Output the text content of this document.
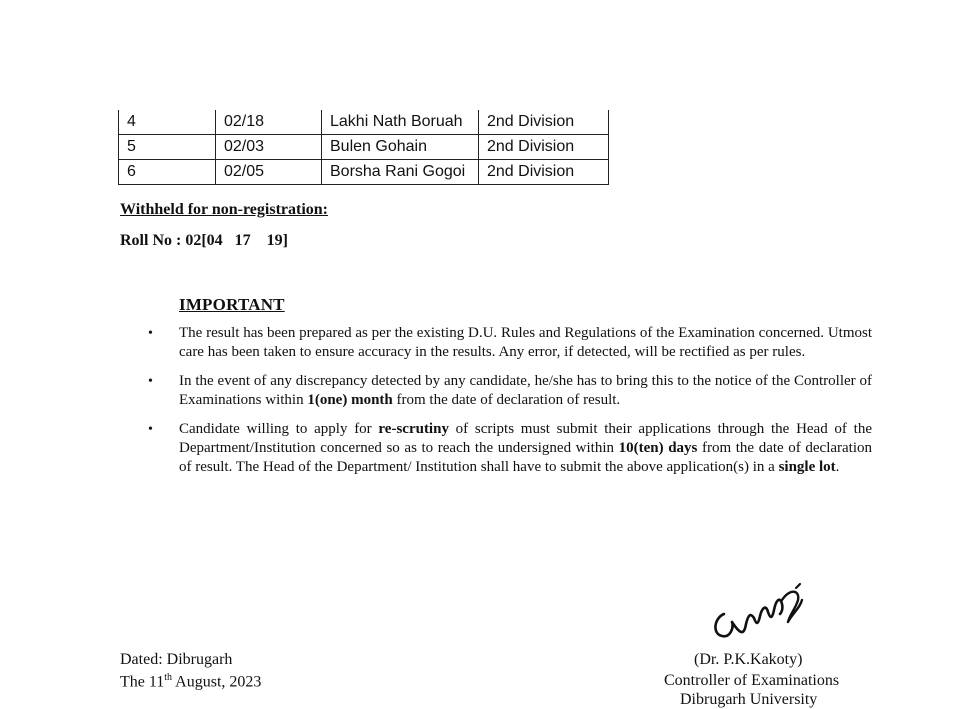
4	02/18	Lakhi Nath Boruah	2nd Division
5	02/03	Bulen Gohain	2nd Division
6	02/05	Borsha Rani Gogoi	2nd Division
Withheld for non-registration:
Roll No : 02[04   17    19]
IMPORTANT
• The result has been prepared as per the existing D.U. Rules and Regulations of the Examination concerned. Utmost care has been taken to ensure accuracy in the results. Any error, if detected, will be rectified as per rules.
• In the event of any discrepancy detected by any candidate, he/she has to bring this to the notice of the Controller of Examinations within 1(one) month from the date of declaration of result.
• Candidate willing to apply for re-scrutiny of scripts must submit their applications through the Head of the Department/Institution concerned so as to reach the undersigned within 10(ten) days from the date of declaration of result. The Head of the Department/ Institution shall have to submit the above application(s) in a single lot.
Dated: Dibrugarh
The 11th August, 2023
(Dr. P.K.Kakoty)
Controller of Examinations
Dibrugarh University
